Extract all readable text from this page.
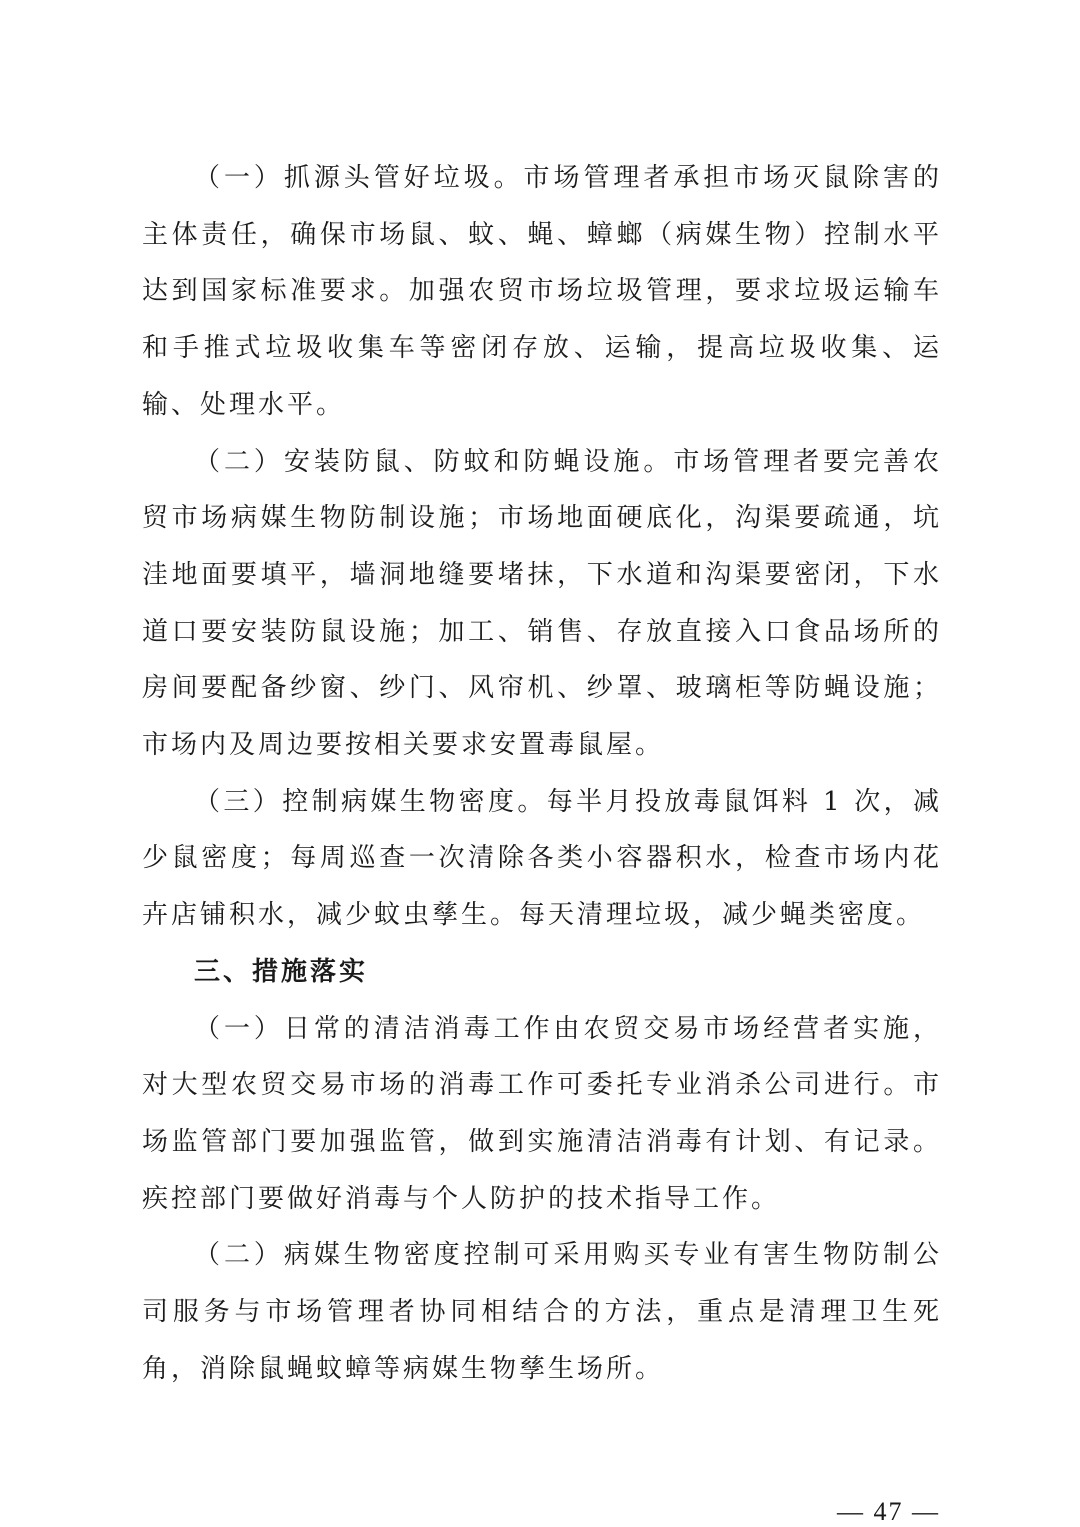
（一）抓源头管好垃圾。市场管理者承担市场灭鼠除害的主体责任，确保市场鼠、蚊、蝇、蟑螂（病媒生物）控制水平达到国家标准要求。加强农贸市场垃圾管理，要求垃圾运输车和手推式垃圾收集车等密闭存放、运输，提高垃圾收集、运输、处理水平。

（二）安装防鼠、防蚊和防蝇设施。市场管理者要完善农贸市场病媒生物防制设施；市场地面硬底化，沟渠要疏通，坑洼地面要填平，墙洞地缝要堵抹，下水道和沟渠要密闭，下水道口要安装防鼠设施；加工、销售、存放直接入口食品场所的房间要配备纱窗、纱门、风帘机、纱罩、玻璃柜等防蝇设施；市场内及周边要按相关要求安置毒鼠屋。

（三）控制病媒生物密度。每半月投放毒鼠饵料 1 次，减少鼠密度；每周巡查一次清除各类小容器积水，检查市场内花卉店铺积水，减少蚊虫孳生。每天清理垃圾，减少蝇类密度。

三、措施落实

（一）日常的清洁消毒工作由农贸交易市场经营者实施，对大型农贸交易市场的消毒工作可委托专业消杀公司进行。市场监管部门要加强监管，做到实施清洁消毒有计划、有记录。疾控部门要做好消毒与个人防护的技术指导工作。

（二）病媒生物密度控制可采用购买专业有害生物防制公司服务与市场管理者协同相结合的方法，重点是清理卫生死角，消除鼠蝇蚊蟑等病媒生物孳生场所。

— 47 —
